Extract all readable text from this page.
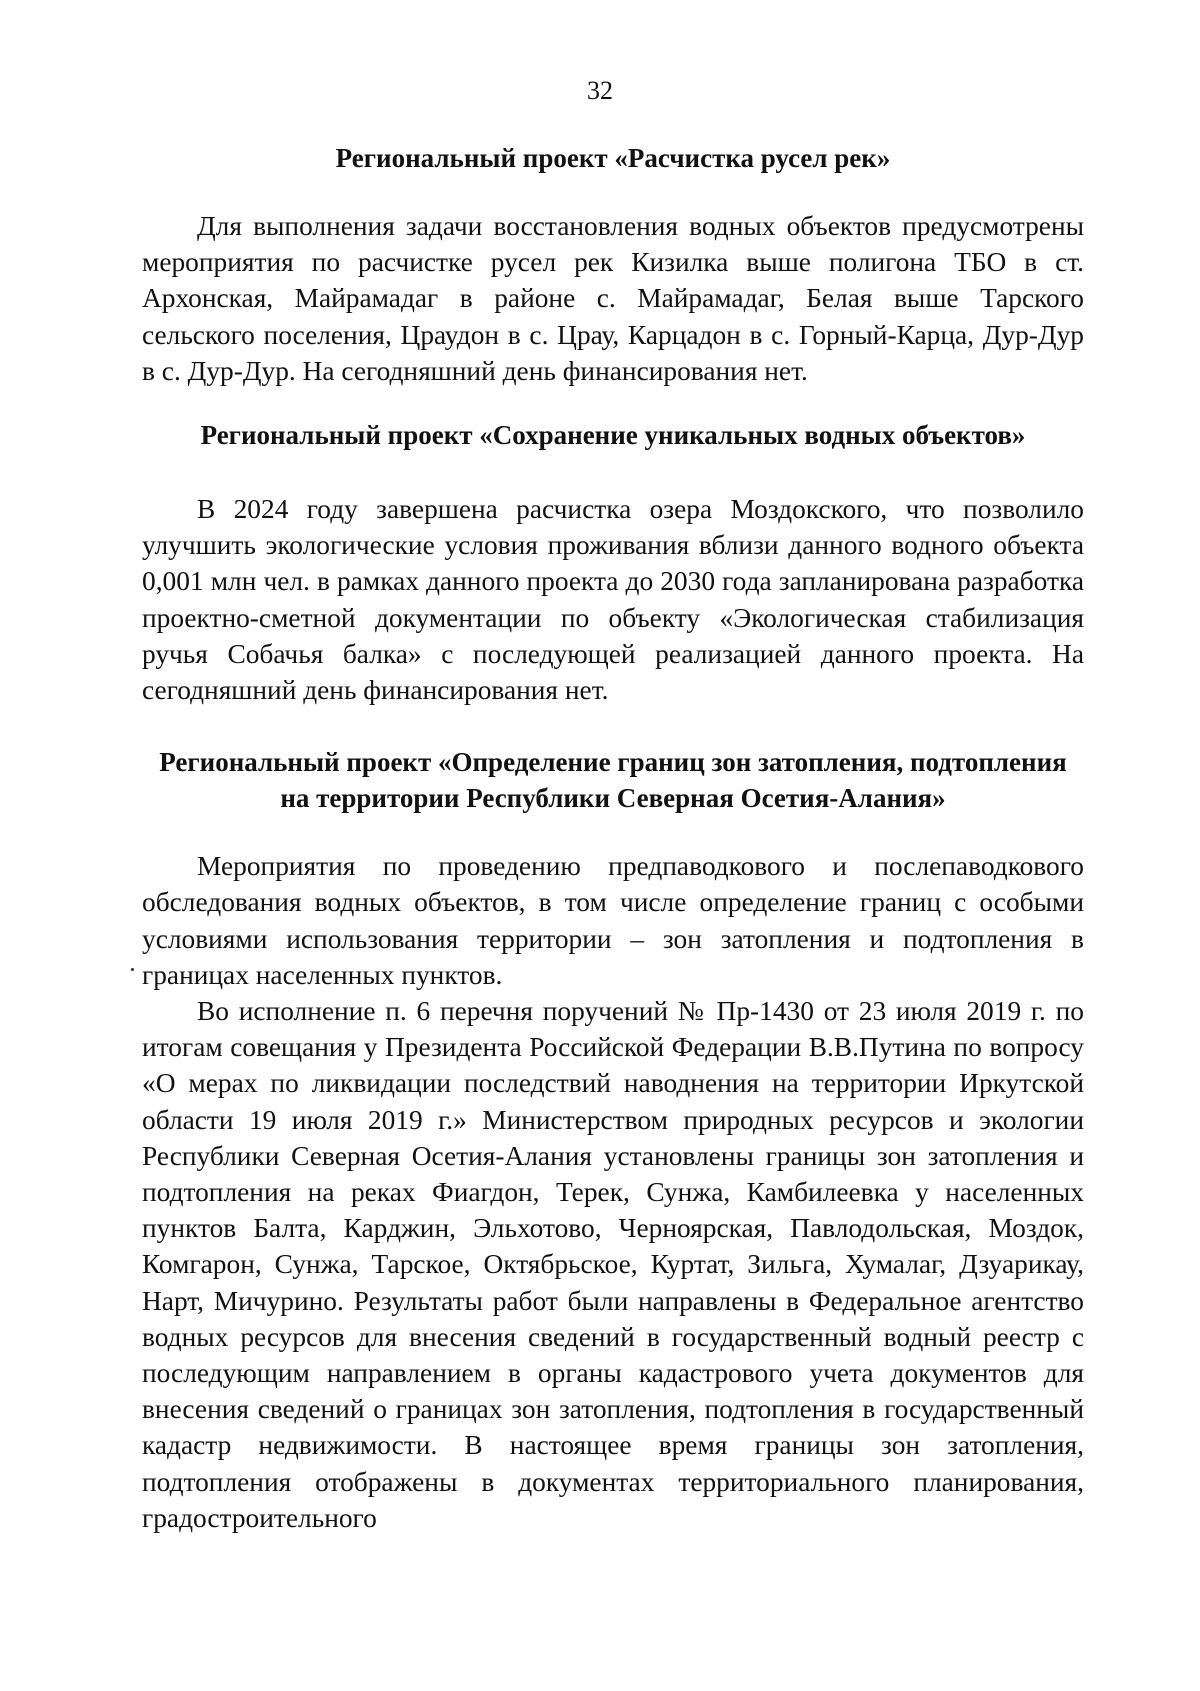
32

Региональный проект «Расчистка русел рек»

Для выполнения задачи восстановления водных объектов предусмотрены мероприятия по расчистке русел рек Кизилка выше полигона ТБО в ст. Архонская, Майрамадаг в районе с. Майрамадаг, Белая выше Тарского сельского поселения, Цраудон в с. Црау, Карцадон в с. Горный-Карца, Дур-Дур в с. Дур-Дур. На сегодняшний день финансирования нет.

Региональный проект «Сохранение уникальных водных объектов»

В 2024 году завершена расчистка озера Моздокского, что позволило улучшить экологические условия проживания вблизи данного водного объекта 0,001 млн чел. в рамках данного проекта до 2030 года запланирована разработка проектно-сметной документации по объекту «Экологическая стабилизация ручья Собачья балка» с последующей реализацией данного проекта. На сегодняшний день финансирования нет.

Региональный проект «Определение границ зон затопления, подтопления на территории Республики Северная Осетия-Алания»

Мероприятия по проведению предпаводкового и послепаводкового обследования водных объектов, в том числе определение границ с особыми условиями использования территории – зон затопления и подтопления в границах населенных пунктов.

Во исполнение п. 6 перечня поручений № Пр-1430 от 23 июля 2019 г. по итогам совещания у Президента Российской Федерации В.В.Путина по вопросу «О мерах по ликвидации последствий наводнения на территории Иркутской области 19 июля 2019 г.» Министерством природных ресурсов и экологии Республики Северная Осетия-Алания установлены границы зон затопления и подтопления на реках Фиагдон, Терек, Сунжа, Камбилеевка у населенных пунктов Балта, Карджин, Эльхотово, Черноярская, Павлодольская, Моздок, Комгарон, Сунжа, Тарское, Октябрьское, Куртат, Зильга, Хумалаг, Дзуарикау, Нарт, Мичурино. Результаты работ были направлены в Федеральное агентство водных ресурсов для внесения сведений в государственный водный реестр с последующим направлением в органы кадастрового учета документов для внесения сведений о границах зон затопления, подтопления в государственный кадастр недвижимости. В настоящее время границы зон затопления, подтопления отображены в документах территориального планирования, градостроительного
